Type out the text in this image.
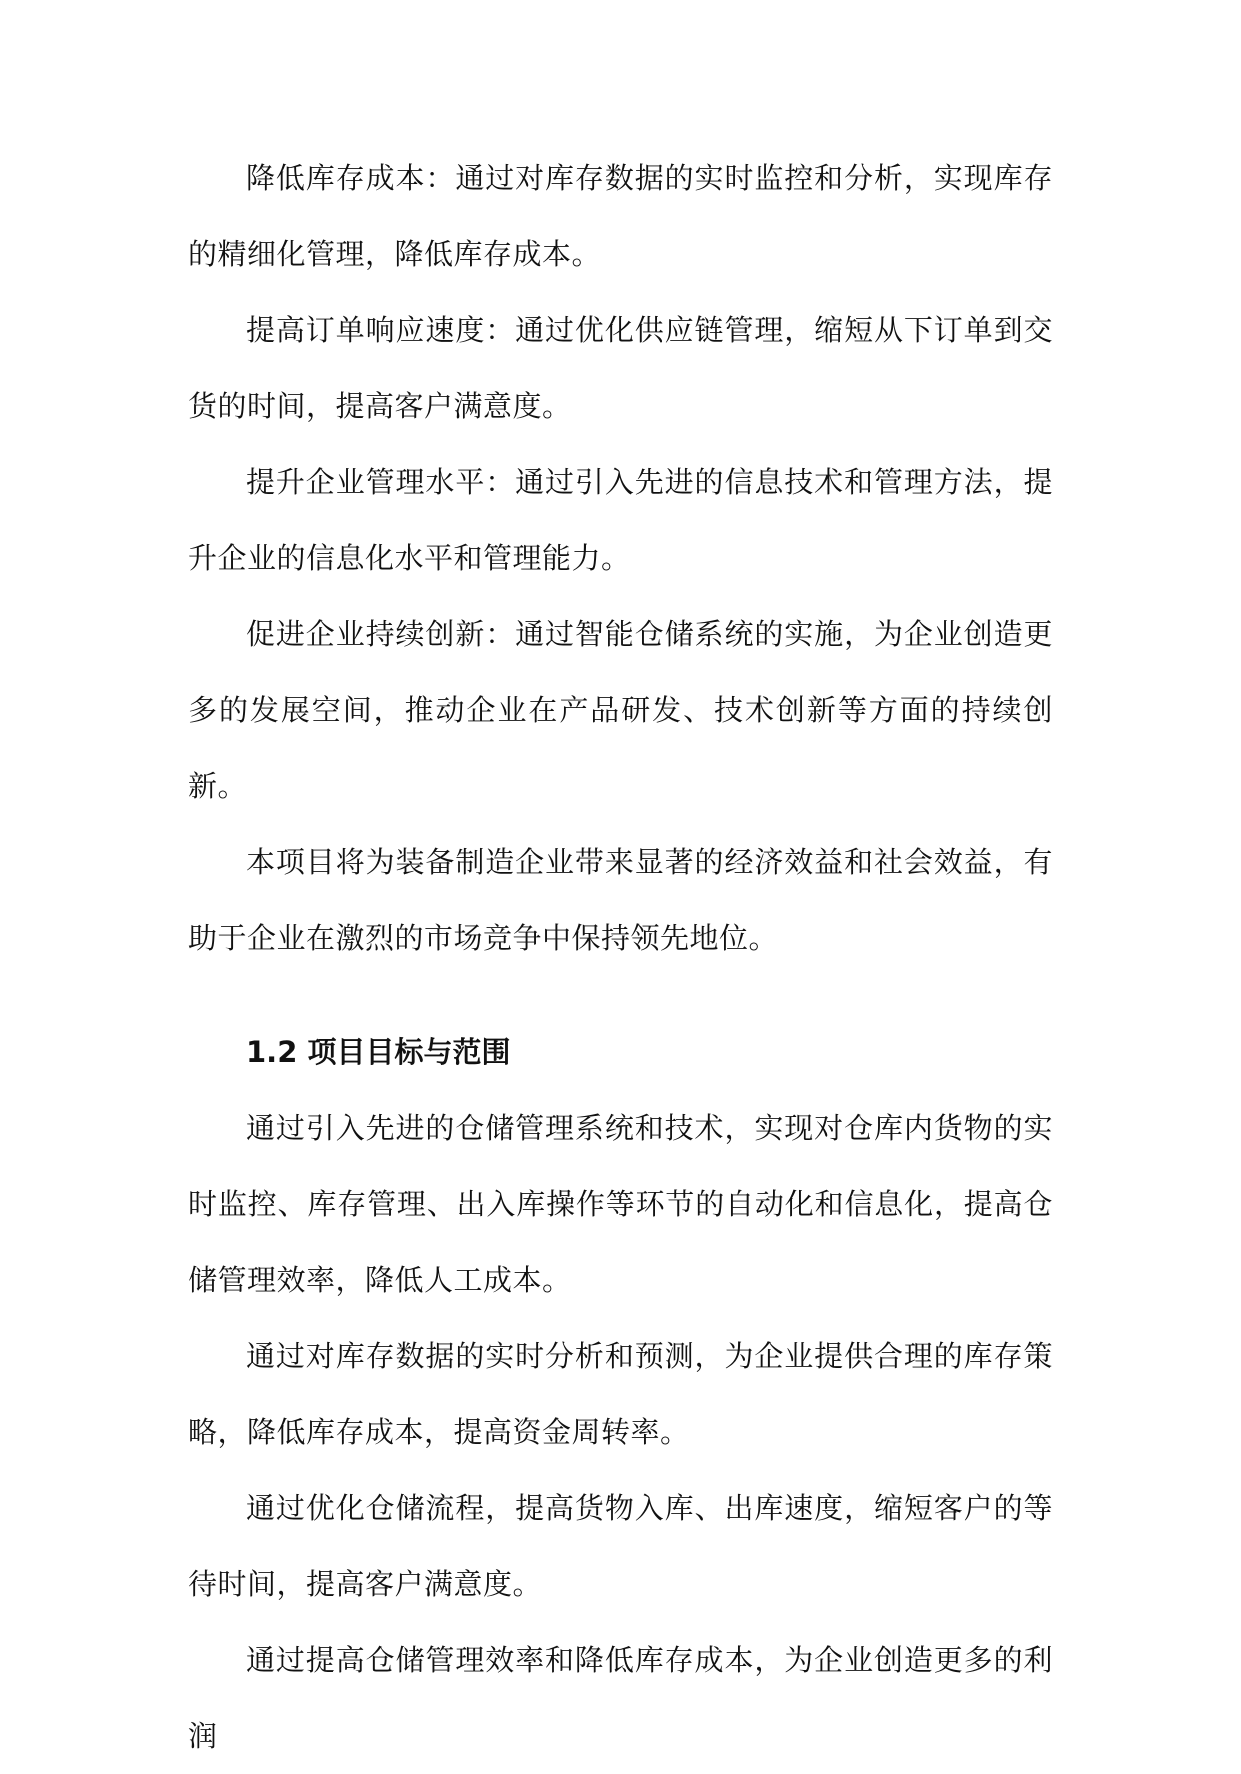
降低库存成本：通过对库存数据的实时监控和分析，实现库存的精细化管理，降低库存成本。

提高订单响应速度：通过优化供应链管理，缩短从下订单到交货的时间，提高客户满意度。

提升企业管理水平：通过引入先进的信息技术和管理方法，提升企业的信息化水平和管理能力。

促进企业持续创新：通过智能仓储系统的实施，为企业创造更多的发展空间，推动企业在产品研发、技术创新等方面的持续创新。

本项目将为装备制造企业带来显著的经济效益和社会效益，有助于企业在激烈的市场竞争中保持领先地位。

1.2 项目目标与范围

通过引入先进的仓储管理系统和技术，实现对仓库内货物的实时监控、库存管理、出入库操作等环节的自动化和信息化，提高仓储管理效率，降低人工成本。

通过对库存数据的实时分析和预测，为企业提供合理的库存策略，降低库存成本，提高资金周转率。

通过优化仓储流程，提高货物入库、出库速度，缩短客户的等待时间，提高客户满意度。

通过提高仓储管理效率和降低库存成本，为企业创造更多的利润
